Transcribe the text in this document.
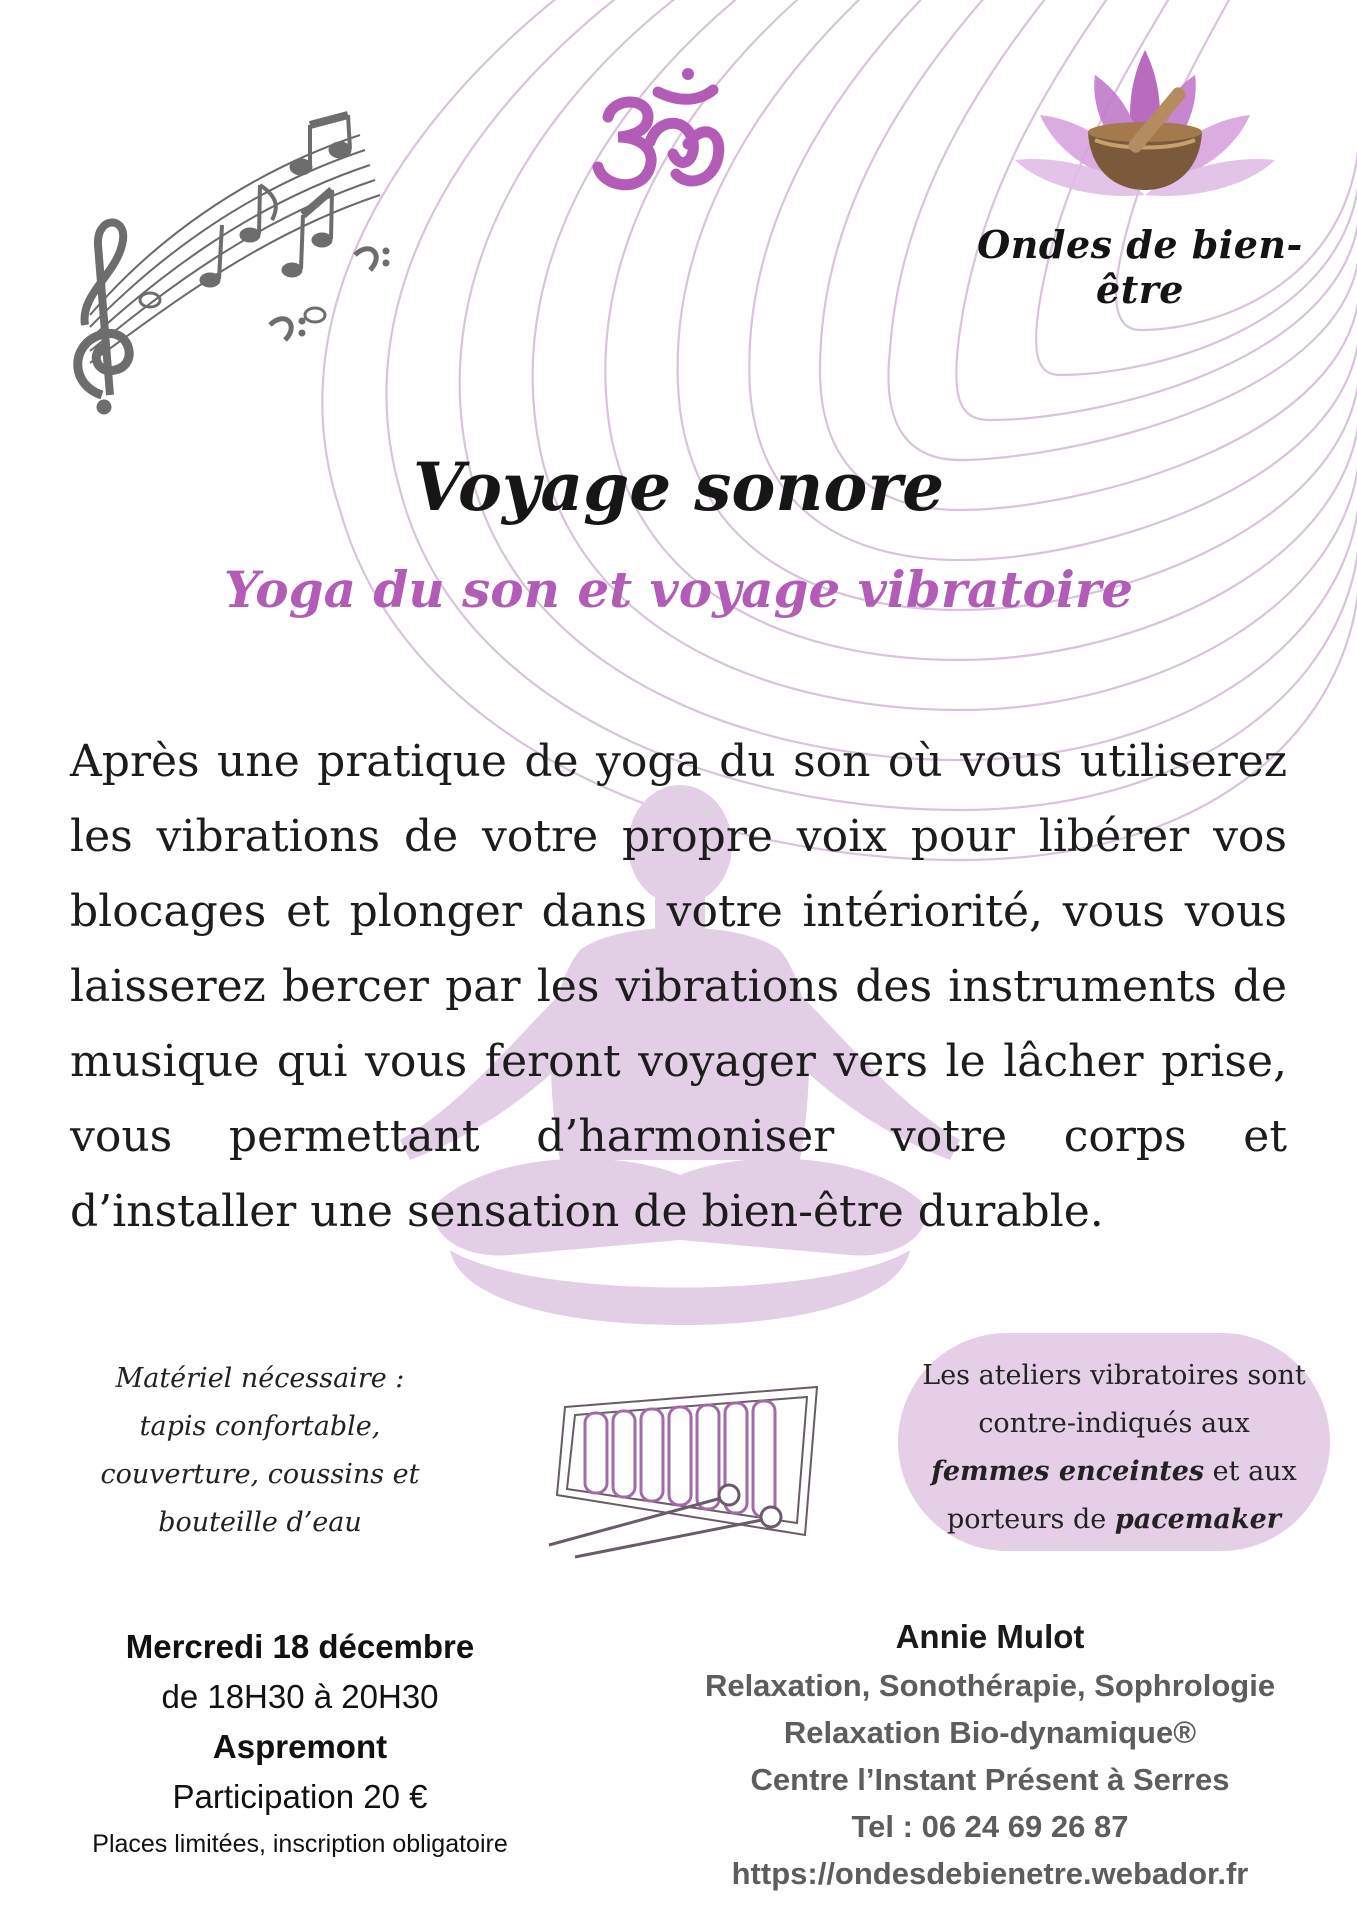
Ondes de bien-être
Voyage sonore
Yoga du son et voyage vibratoire

Après une pratique de yoga du son où vous utiliserez les vibrations de votre propre voix pour libérer vos blocages et plonger dans votre intériorité, vous vous laisserez bercer par les vibrations des instruments de musique qui vous feront voyager vers le lâcher prise, vous permettant d’harmoniser votre corps et d’installer une sensation de bien-être durable.

Matériel nécessaire :
tapis confortable,
couverture, coussins et
bouteille d’eau
Les ateliers vibratoires sont
contre-indiqués aux
femmes enceintes et aux
porteurs de pacemaker
Mercredi 18 décembre
de 18H30 à 20H30
Aspremont
Participation 20 €
Places limitées, inscription obligatoire
Annie Mulot
Relaxation, Sonothérapie, Sophrologie
Relaxation Bio-dynamique®
Centre l’Instant Présent à Serres
Tel : 06 24 69 26 87
https://ondesdebienetre.webador.fr
